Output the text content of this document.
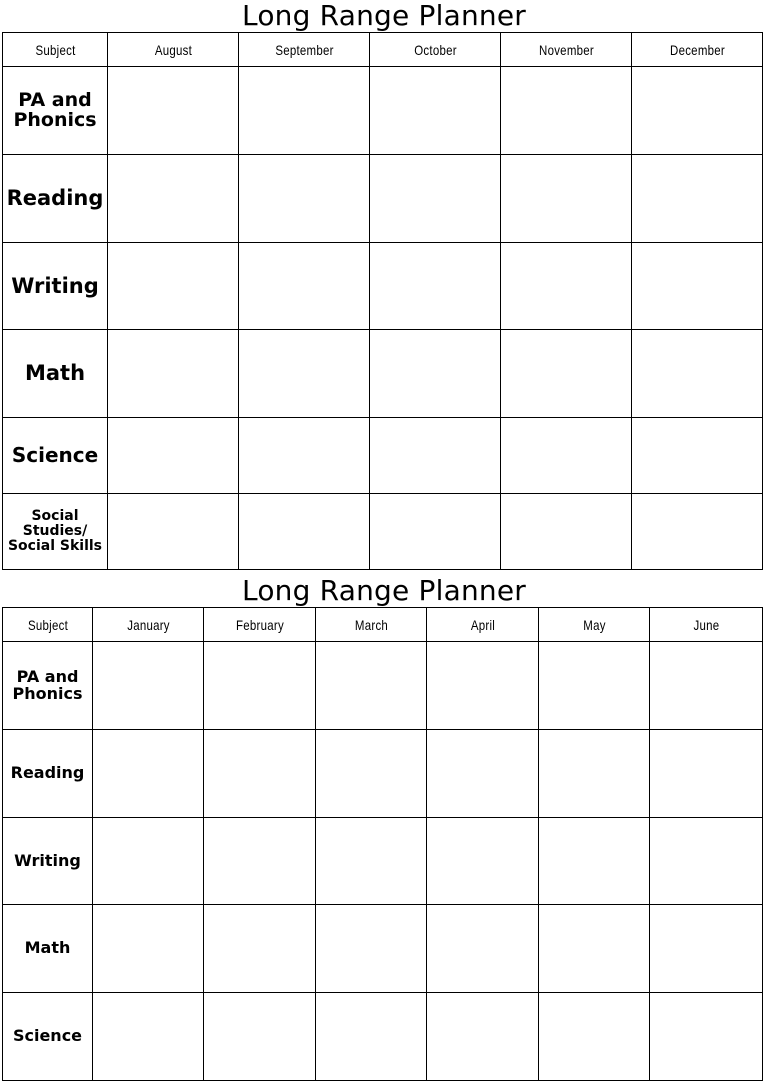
Long Range Planner
Subject	August	September	October	November	December
PA and Phonics					
Reading					
Writing					
Math					
Science					
Social Studies/ Social Skills					
Long Range Planner
Subject	January	February	March	April	May	June
PA and Phonics						
Reading						
Writing						
Math						
Science						
